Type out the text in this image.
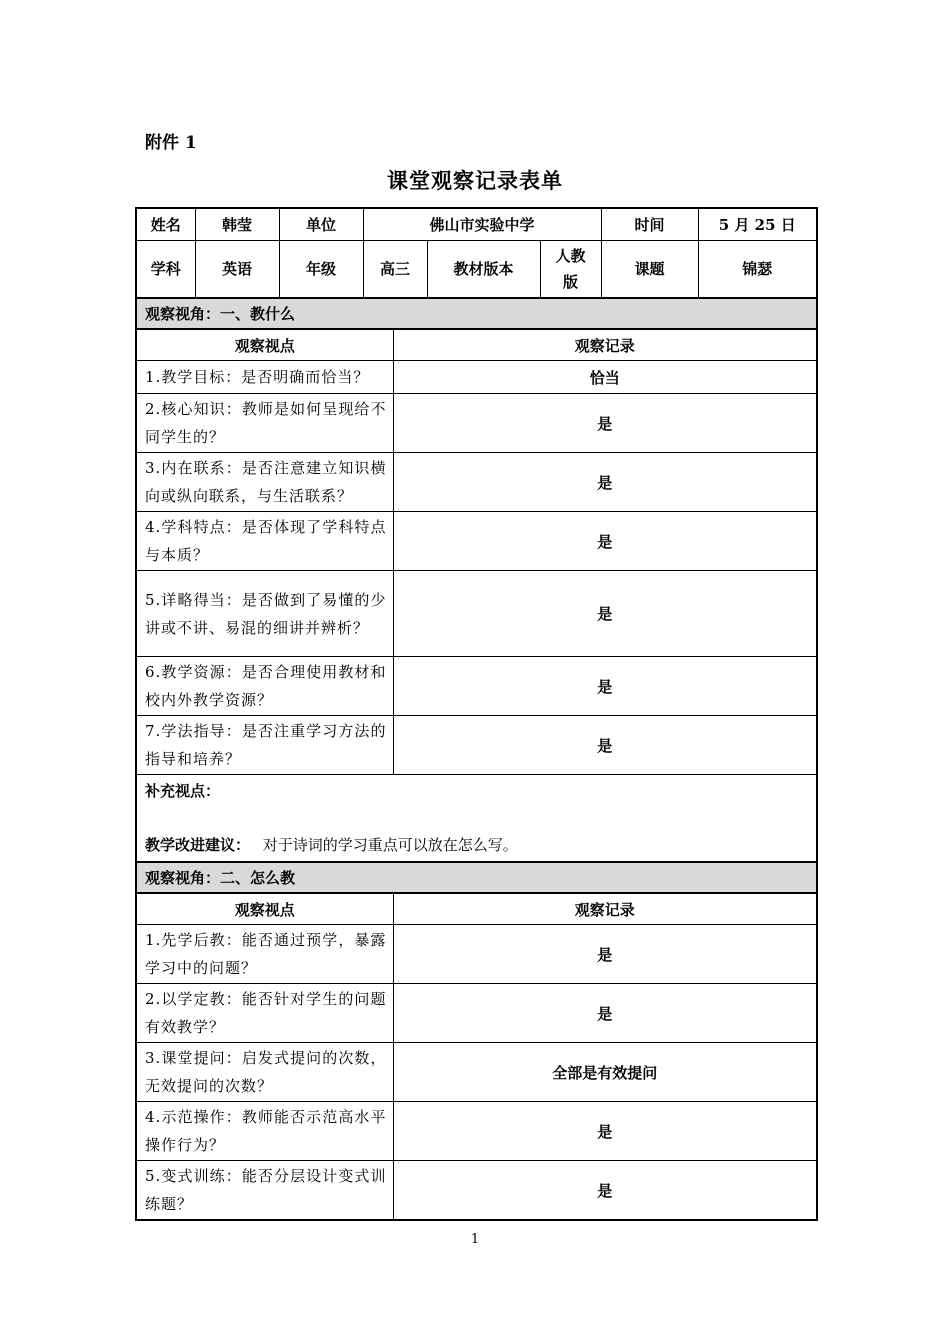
附件 1
课堂观察记录表单
姓名	韩莹	单位	佛山市实验中学			时间	5 月 25 日
学科	英语	年级	高三	教材版本	人教版	课题	锦瑟
观察视角：一、教什么	
观察视点	观察记录
1.教学目标：是否明确而恰当？	恰当
2.核心知识：教师是如何呈现给不同学生的？	是
3.内在联系：是否注意建立知识横向或纵向联系，与生活联系？	是
4.学科特点：是否体现了学科特点与本质？	是
5.详略得当：是否做到了易懂的少讲或不讲、易混的细讲并辨析？	是
6.教学资源：是否合理使用教材和校内外教学资源？	是
7.学法指导：是否注重学习方法的指导和培养？	是

补充视点：
教学改进建议： 对于诗词的学习重点可以放在怎么写。	

观察视角：二、怎么教	
观察视点	观察记录
1.先学后教：能否通过预学，暴露学习中的问题？	是
2.以学定教：能否针对学生的问题有效教学？	是
3.课堂提问：启发式提问的次数，无效提问的次数？	全部是有效提问
4.示范操作：教师能否示范高水平操作行为？	是
5.变式训练：能否分层设计变式训练题？	是
1
